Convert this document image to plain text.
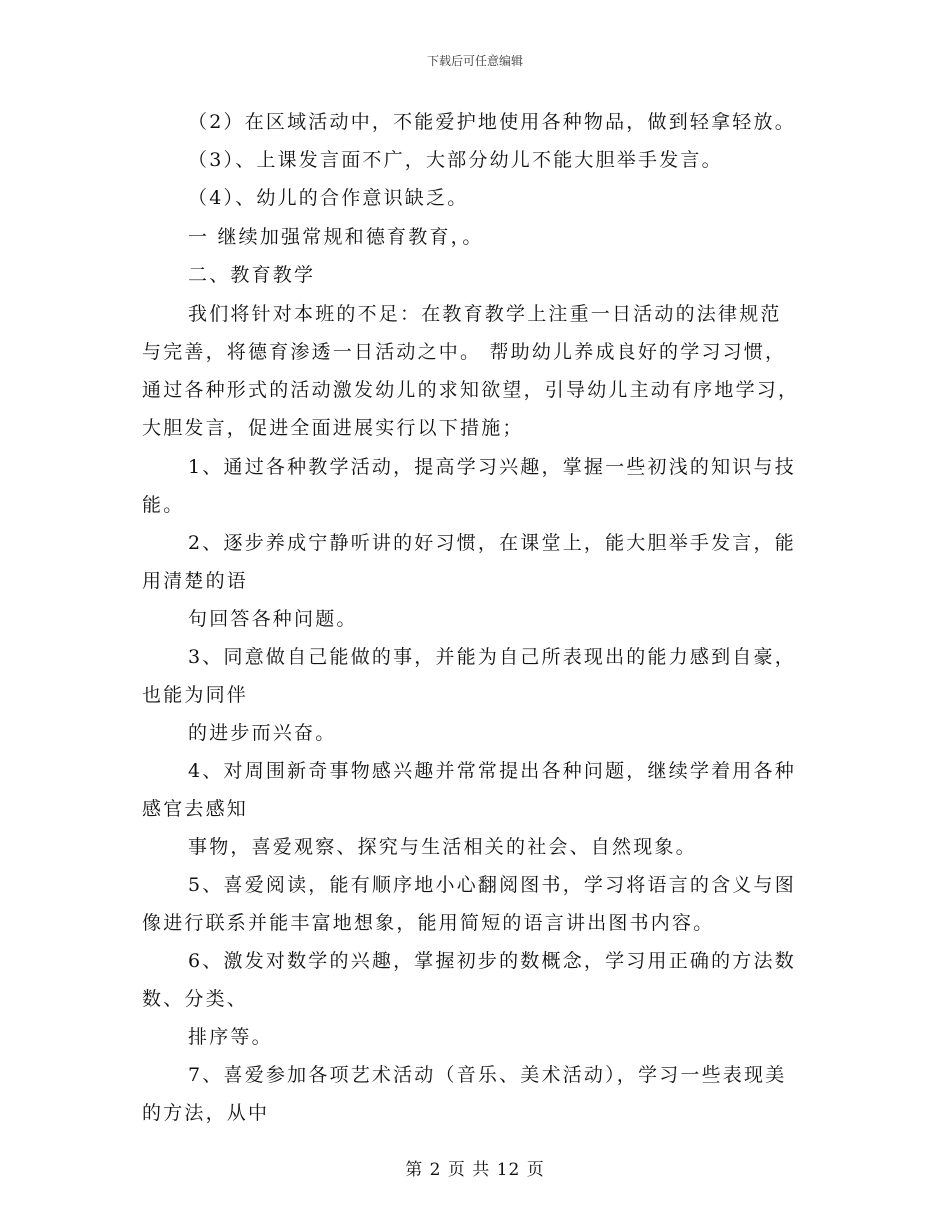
下载后可任意编辑
（2）在区域活动中，不能爱护地使用各种物品，做到轻拿轻放。
（3）、上课发言面不广，大部分幼儿不能大胆举手发言。
（4）、幼儿的合作意识缺乏。
一 继续加强常规和德育教育，。
二、教育教学
我们将针对本班的不足：在教育教学上注重一日活动的法律规范
与完善，将德育渗透一日活动之中。 帮助幼儿养成良好的学习习惯，
通过各种形式的活动激发幼儿的求知欲望，引导幼儿主动有序地学习，
大胆发言，促进全面进展实行以下措施；
1、通过各种教学活动，提高学习兴趣，掌握一些初浅的知识与技
能。
2、逐步养成宁静听讲的好习惯，在课堂上，能大胆举手发言，能
用清楚的语
句回答各种问题。
3、同意做自己能做的事，并能为自己所表现出的能力感到自豪，
也能为同伴
的进步而兴奋。
4、对周围新奇事物感兴趣并常常提出各种问题，继续学着用各种
感官去感知
事物，喜爱观察、探究与生活相关的社会、自然现象。
5、喜爱阅读，能有顺序地小心翻阅图书，学习将语言的含义与图
像进行联系并能丰富地想象，能用简短的语言讲出图书内容。
6、激发对数学的兴趣，掌握初步的数概念，学习用正确的方法数
数、分类、
排序等。
7、喜爱参加各项艺术活动（音乐、美术活动），学习一些表现美
的方法，从中
第 2 页 共 12 页
